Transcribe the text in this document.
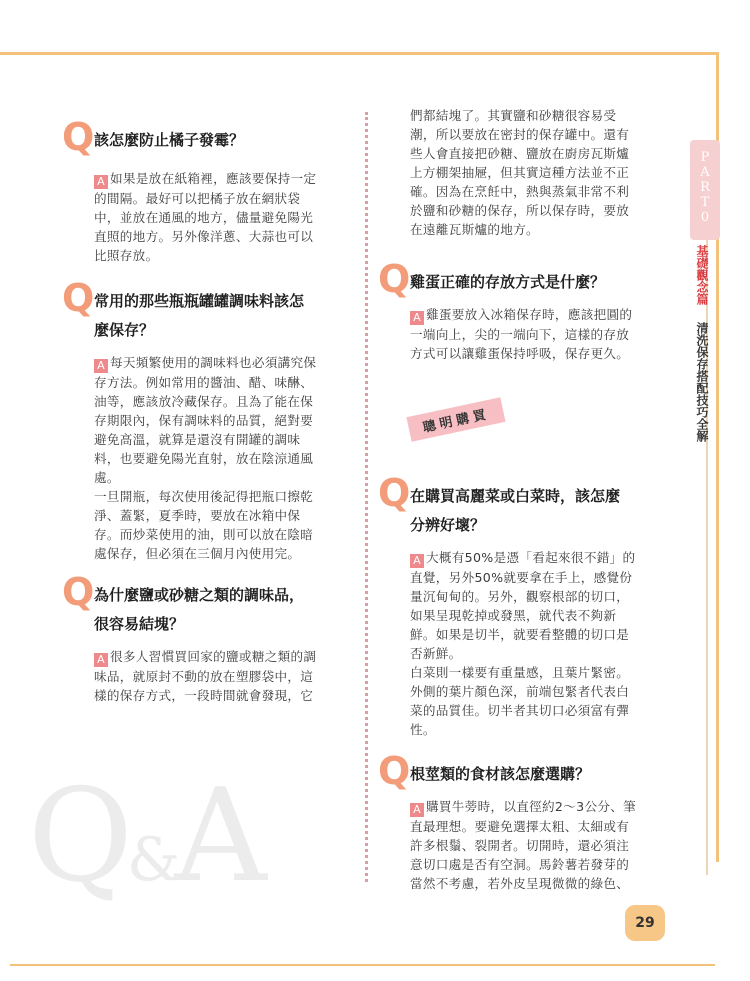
Q&A
P
A
R
T
0
基礎觀念篇
清洗保存搭配技巧全解
Q 該怎麼防止橘子發霉？
A 如果是放在紙箱裡，應該要保持一定
的間隔。最好可以把橘子放在網狀袋
中，並放在通風的地方，儘量避免陽光
直照的地方。另外像洋蔥、大蒜也可以
比照存放。
Q 常用的那些瓶瓶罐罐調味料該怎
麼保存？
A 每天頻繁使用的調味料也必須講究保
存方法。例如常用的醬油、醋、味醂、
油等，應該放冷藏保存。且為了能在保
存期限內，保有調味料的品質，絕對要
避免高溫，就算是還沒有開罐的調味
料，也要避免陽光直射，放在陰涼通風
處。
一旦開瓶，每次使用後記得把瓶口擦乾
淨、蓋緊，夏季時，要放在冰箱中保
存。而炒菜使用的油，則可以放在陰暗
處保存，但必須在三個月內使用完。
Q 為什麼鹽或砂糖之類的調味品，
很容易結塊？
A 很多人習慣買回家的鹽或糖之類的調
味品，就原封不動的放在塑膠袋中，這
樣的保存方式，一段時間就會發現，它
們都結塊了。其實鹽和砂糖很容易受
潮，所以要放在密封的保存罐中。還有
些人會直接把砂糖、鹽放在廚房瓦斯爐
上方棚架抽屜，但其實這種方法並不正
確。因為在烹飪中，熱與蒸氣非常不利
於鹽和砂糖的保存，所以保存時，要放
在遠離瓦斯爐的地方。
Q 雞蛋正確的存放方式是什麼？
A 雞蛋要放入冰箱保存時，應該把圓的
一端向上，尖的一端向下，這樣的存放
方式可以讓雞蛋保持呼吸，保存更久。
聰明購買
Q 在購買高麗菜或白菜時，該怎麼
分辨好壞？
A 大概有50%是憑「看起來很不錯」的
直覺，另外50%就要拿在手上，感覺份
量沉甸甸的。另外，觀察根部的切口，
如果呈現乾掉或發黑，就代表不夠新
鮮。如果是切半，就要看整體的切口是
否新鮮。
白菜則一樣要有重量感，且葉片緊密。
外側的葉片顏色深，前端包緊者代表白
菜的品質佳。切半者其切口必須富有彈
性。
Q 根莖類的食材該怎麼選購？
A 購買牛蒡時，以直徑約2～3公分、筆
直最理想。要避免選擇太粗、太細或有
許多根鬚、裂開者。切開時，還必須注
意切口處是否有空洞。馬鈴薯若發芽的
當然不考慮，若外皮呈現微微的綠色、
29
